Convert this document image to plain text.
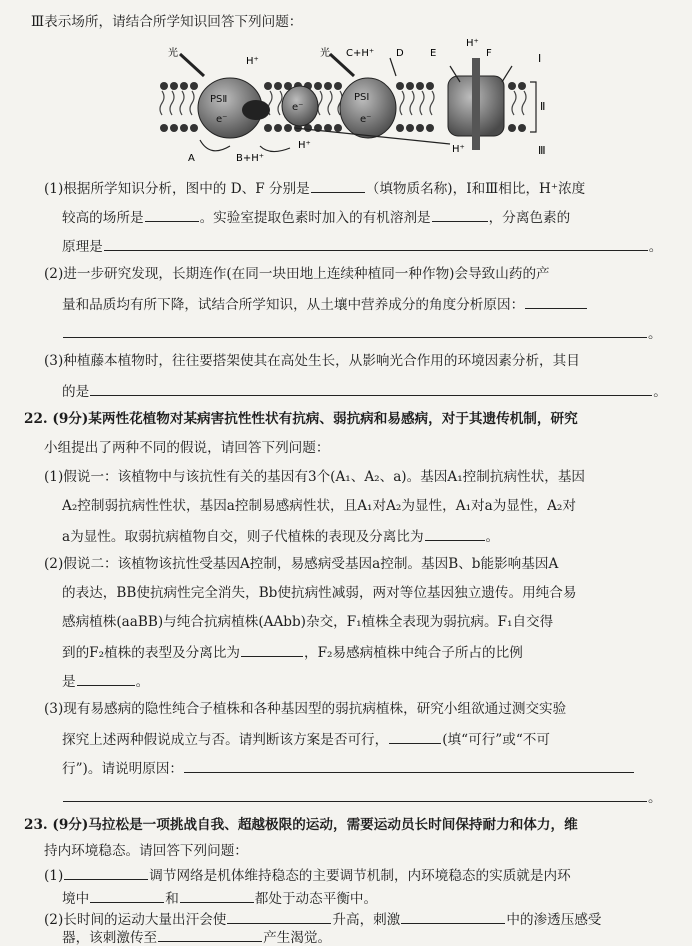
Ⅲ表示场所，请结合所学知识回答下列问题：
光	光
H⁺
C+H⁺ D	E	F
H⁺
PSⅡ	PSⅠ
e⁻
e⁻
e⁻
A	B+H⁺
H⁺	H⁺
Ⅰ
Ⅱ
Ⅲ
(1)根据所学知识分析，图中的 D、F 分别是	（填物质名称)，Ⅰ和Ⅲ相比，H⁺浓度
较高的场所是	。实验室提取色素时加入的有机溶剂是	，分离色素的
原理是	。
(2)进一步研究发现，长期连作(在同一块田地上连续种植同一种作物)会导致山药的产
量和品质均有所下降，试结合所学知识，从土壤中营养成分的角度分析原因：
。
(3)种植藤本植物时，往往要搭架使其在高处生长，从影响光合作用的环境因素分析，其目
的是	。
22. (9分)某两性花植物对某病害抗性性状有抗病、弱抗病和易感病，对于其遗传机制，研究
小组提出了两种不同的假说，请回答下列问题：
(1)假说一：该植物中与该抗性有关的基因有3个(A₁、A₂、a)。基因A₁控制抗病性状，基因
A₂控制弱抗病性性状，基因a控制易感病性状，且A₁对A₂为显性，A₁对a为显性，A₂对
a为显性。取弱抗病植物自交，则子代植株的表现及分离比为	。
(2)假说二：该植物该抗性受基因A控制，易感病受基因a控制。基因B、b能影响基因A
的表达，BB使抗病性完全消失，Bb使抗病性减弱，两对等位基因独立遗传。用纯合易
感病植株(aaBB)与纯合抗病植株(AAbb)杂交，F₁植株全表现为弱抗病。F₁自交得
到的F₂植株的表型及分离比为	，F₂易感病植株中纯合子所占的比例
是	。
(3)现有易感病的隐性纯合子植株和各种基因型的弱抗病植株，研究小组欲通过测交实验
探究上述两种假说成立与否。请判断该方案是否可行，	(填“可行”或“不可
行”)。请说明原因：
。
23. (9分)马拉松是一项挑战自我、超越极限的运动，需要运动员长时间保持耐力和体力，维
持内环境稳态。请回答下列问题：
(1)	调节网络是机体维持稳态的主要调节机制，内环境稳态的实质就是内环
境中	和	都处于动态平衡中。
(2)长时间的运动大量出汗会使	升高，刺激	中的渗透压感受
器，该刺激传至	产生渴觉。
